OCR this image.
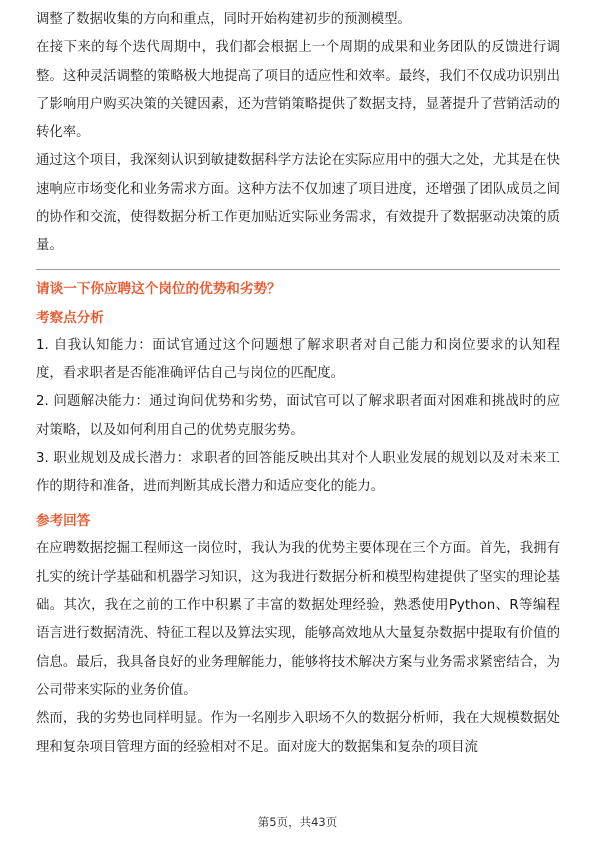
调整了数据收集的方向和重点，同时开始构建初步的预测模型。

在接下来的每个迭代周期中，我们都会根据上一个周期的成果和业务团队的反馈进行调整。这种灵活调整的策略极大地提高了项目的适应性和效率。最终，我们不仅成功识别出了影响用户购买决策的关键因素，还为营销策略提供了数据支持，显著提升了营销活动的转化率。

通过这个项目，我深刻认识到敏捷数据科学方法论在实际应用中的强大之处，尤其是在快速响应市场变化和业务需求方面。这种方法不仅加速了项目进度，还增强了团队成员之间的协作和交流，使得数据分析工作更加贴近实际业务需求，有效提升了数据驱动决策的质量。

请谈一下你应聘这个岗位的优势和劣势？
考察点分析

1. 自我认知能力：面试官通过这个问题想了解求职者对自己能力和岗位要求的认知程度，看求职者是否能准确评估自己与岗位的匹配度。

2. 问题解决能力：通过询问优势和劣势，面试官可以了解求职者面对困难和挑战时的应对策略，以及如何利用自己的优势克服劣势。

3. 职业规划及成长潜力：求职者的回答能反映出其对个人职业发展的规划以及对未来工作的期待和准备，进而判断其成长潜力和适应变化的能力。

参考回答

在应聘数据挖掘工程师这一岗位时，我认为我的优势主要体现在三个方面。首先，我拥有扎实的统计学基础和机器学习知识，这为我进行数据分析和模型构建提供了坚实的理论基础。其次，我在之前的工作中积累了丰富的数据处理经验，熟悉使用Python、R等编程语言进行数据清洗、特征工程以及算法实现，能够高效地从大量复杂数据中提取有价值的信息。最后，我具备良好的业务理解能力，能够将技术解决方案与业务需求紧密结合，为公司带来实际的业务价值。

然而，我的劣势也同样明显。作为一名刚步入职场不久的数据分析师，我在大规模数据处理和复杂项目管理方面的经验相对不足。面对庞大的数据集和复杂的项目流

第5页，共43页
